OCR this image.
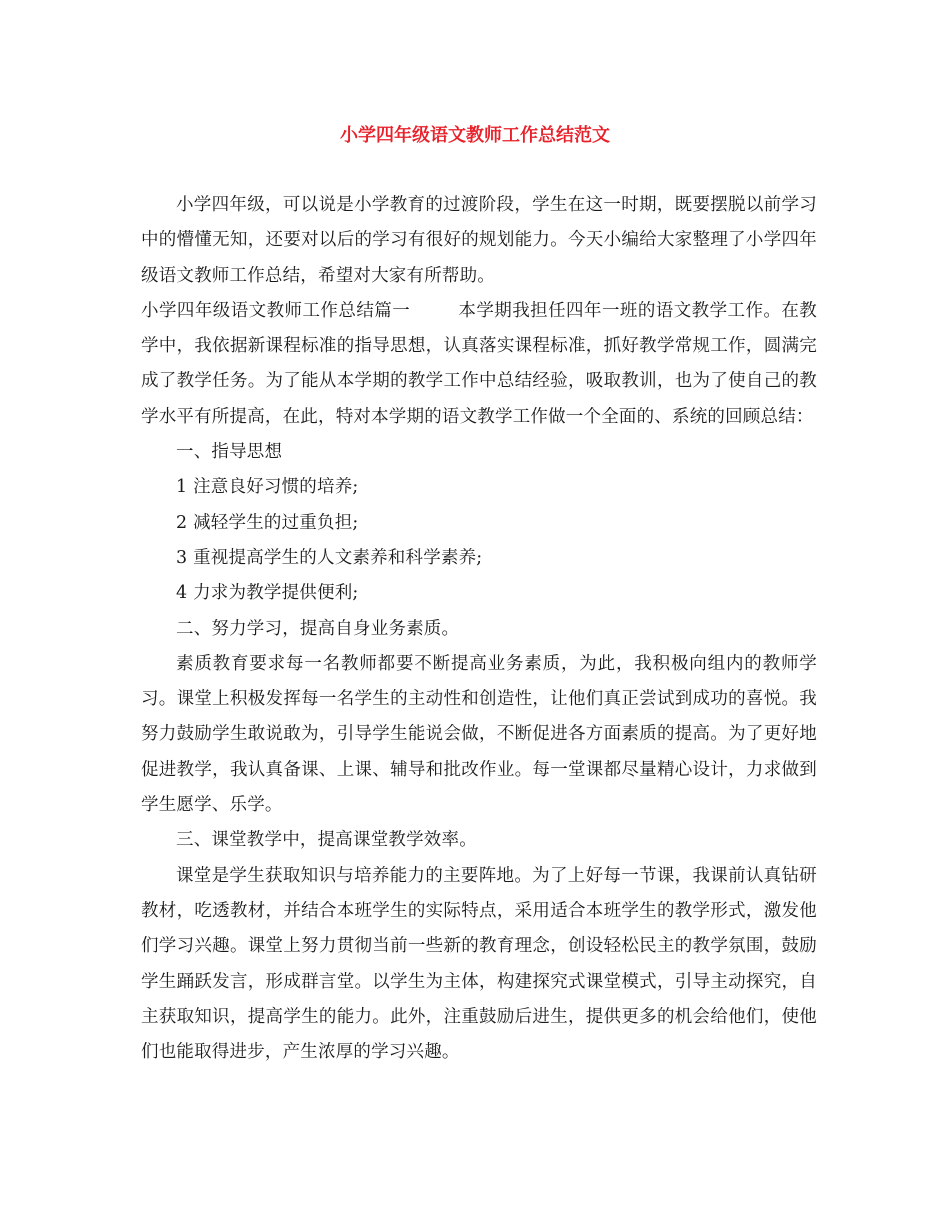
小学四年级语文教师工作总结范文

小学四年级，可以说是小学教育的过渡阶段，学生在这一时期，既要摆脱以前学习中的懵懂无知，还要对以后的学习有很好的规划能力。今天小编给大家整理了小学四年级语文教师工作总结，希望对大家有所帮助。

小学四年级语文教师工作总结篇一	本学期我担任四年一班的语文教学工作。在教学中，我依据新课程标准的指导思想，认真落实课程标准，抓好教学常规工作，圆满完成了教学任务。为了能从本学期的教学工作中总结经验，吸取教训，也为了使自己的教学水平有所提高，在此，特对本学期的语文教学工作做一个全面的、系统的回顾总结：

一、指导思想

1 注意良好习惯的培养;

2 减轻学生的过重负担;

3 重视提高学生的人文素养和科学素养;

4 力求为教学提供便利;

二、努力学习，提高自身业务素质。

素质教育要求每一名教师都要不断提高业务素质，为此，我积极向组内的教师学习。课堂上积极发挥每一名学生的主动性和创造性，让他们真正尝试到成功的喜悦。我努力鼓励学生敢说敢为，引导学生能说会做，不断促进各方面素质的提高。为了更好地促进教学，我认真备课、上课、辅导和批改作业。每一堂课都尽量精心设计，力求做到学生愿学、乐学。

三、课堂教学中，提高课堂教学效率。

课堂是学生获取知识与培养能力的主要阵地。为了上好每一节课，我课前认真钻研教材，吃透教材，并结合本班学生的实际特点，采用适合本班学生的教学形式，激发他们学习兴趣。课堂上努力贯彻当前一些新的教育理念，创设轻松民主的教学氛围，鼓励学生踊跃发言，形成群言堂。以学生为主体，构建探究式课堂模式，引导主动探究，自主获取知识，提高学生的能力。此外，注重鼓励后进生，提供更多的机会给他们，使他们也能取得进步，产生浓厚的学习兴趣。
